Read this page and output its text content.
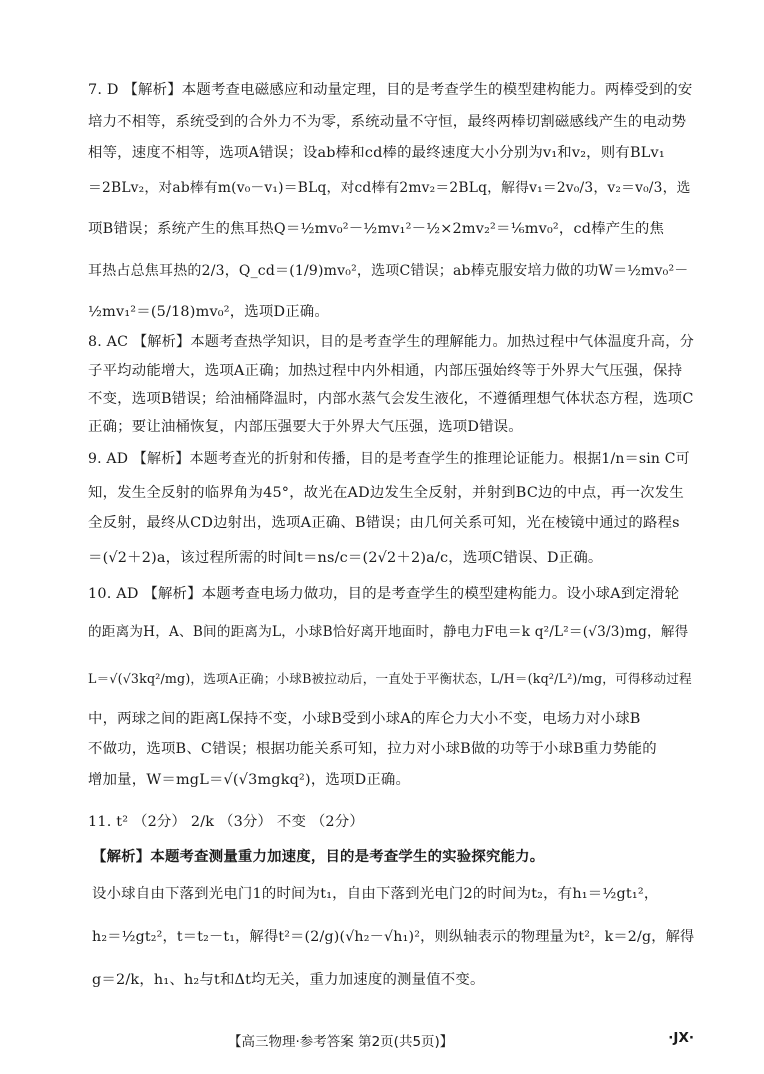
7. D 【解析】本题考查电磁感应和动量定理，目的是考查学生的模型建构能力。两棒受到的安
培力不相等，系统受到的合外力不为零，系统动量不守恒，最终两棒切割磁感线产生的电动势
相等，速度不相等，选项A错误；设ab棒和cd棒的最终速度大小分别为v₁和v₂，则有BLv₁
＝2BLv₂，对ab棒有m(v₀－v₁)＝BLq，对cd棒有2mv₂＝2BLq，解得v₁＝2v₀/3，v₂＝v₀/3，选
项B错误；系统产生的焦耳热Q＝½mv₀²－½mv₁²－½×2mv₂²＝⅙mv₀²，cd棒产生的焦
耳热占总焦耳热的2/3，Q_cd＝(1/9)mv₀²，选项C错误；ab棒克服安培力做的功W＝½mv₀²－
½mv₁²＝(5/18)mv₀²，选项D正确。
8. AC 【解析】本题考查热学知识，目的是考查学生的理解能力。加热过程中气体温度升高，分
子平均动能增大，选项A正确；加热过程中内外相通，内部压强始终等于外界大气压强，保持
不变，选项B错误；给油桶降温时，内部水蒸气会发生液化，不遵循理想气体状态方程，选项C
正确；要让油桶恢复，内部压强要大于外界大气压强，选项D错误。
9. AD 【解析】本题考查光的折射和传播，目的是考查学生的推理论证能力。根据1/n＝sin C可
知，发生全反射的临界角为45°，故光在AD边发生全反射，并射到BC边的中点，再一次发生
全反射，最终从CD边射出，选项A正确、B错误；由几何关系可知，光在棱镜中通过的路程s
＝(√2＋2)a，该过程所需的时间t＝ns/c＝(2√2＋2)a/c，选项C错误、D正确。
10. AD 【解析】本题考查电场力做功，目的是考查学生的模型建构能力。设小球A到定滑轮
的距离为H，A、B间的距离为L，小球B恰好离开地面时，静电力F电＝k q²/L²＝(√3/3)mg，解得
L＝√(√3kq²/mg)，选项A正确；小球B被拉动后，一直处于平衡状态，L/H＝(kq²/L²)/mg，可得移动过程
中，两球之间的距离L保持不变，小球B受到小球A的库仑力大小不变，电场力对小球B
不做功，选项B、C错误；根据功能关系可知，拉力对小球B做的功等于小球B重力势能的
增加量，W＝mgL＝√(√3mgkq²)，选项D正确。
11. t² （2分） 2/k （3分） 不变 （2分）
【解析】本题考查测量重力加速度，目的是考查学生的实验探究能力。
设小球自由下落到光电门1的时间为t₁，自由下落到光电门2的时间为t₂，有h₁＝½gt₁²，
h₂＝½gt₂²，t＝t₂－t₁，解得t²＝(2/g)(√h₂－√h₁)²，则纵轴表示的物理量为t²，k＝2/g，解得
g＝2/k，h₁、h₂与t和Δt均无关，重力加速度的测量值不变。
【高三物理·参考答案 第2页(共5页)】	·JX·
